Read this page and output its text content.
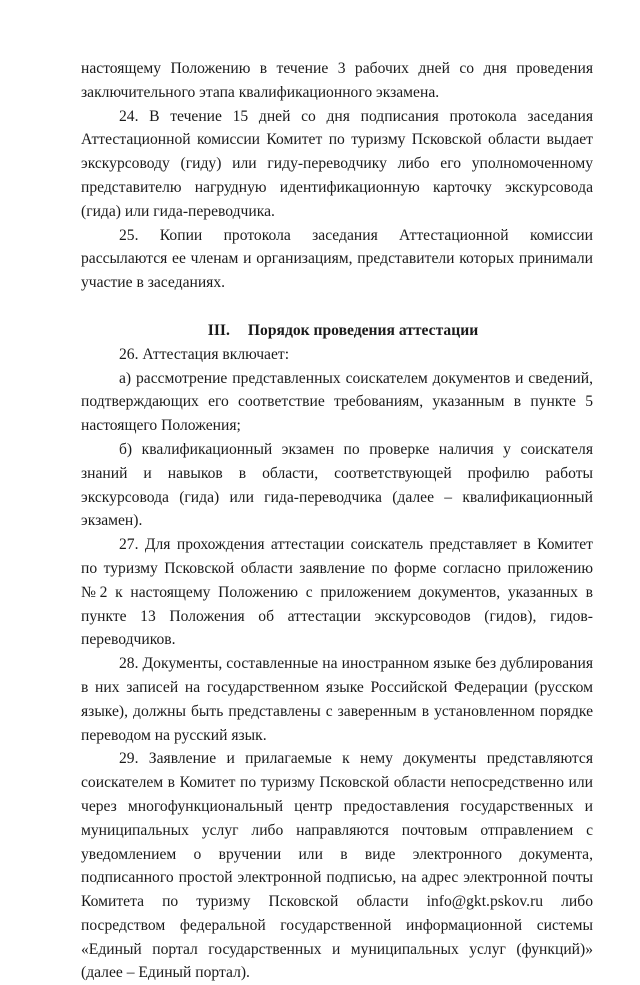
настоящему Положению в течение 3 рабочих дней со дня проведения заключительного этапа квалификационного экзамена.

24. В течение 15 дней со дня подписания протокола заседания Аттестационной комиссии Комитет по туризму Псковской области выдает экскурсоводу (гиду) или гиду-переводчику либо его уполномоченному представителю нагрудную идентификационную карточку экскурсовода (гида) или гида-переводчика.

25. Копии протокола заседания Аттестационной комиссии рассылаются ее членам и организациям, представители которых принимали участие в заседаниях.

III. Порядок проведения аттестации

26. Аттестация включает:

а) рассмотрение представленных соискателем документов и сведений, подтверждающих его соответствие требованиям, указанным в пункте 5 настоящего Положения;

б) квалификационный экзамен по проверке наличия у соискателя знаний и навыков в области, соответствующей профилю работы экскурсовода (гида) или гида-переводчика (далее – квалификационный экзамен).

27. Для прохождения аттестации соискатель представляет в Комитет по туризму Псковской области заявление по форме согласно приложению №2 к настоящему Положению с приложением документов, указанных в пункте 13 Положения об аттестации экскурсоводов (гидов), гидов-переводчиков.

28. Документы, составленные на иностранном языке без дублирования в них записей на государственном языке Российской Федерации (русском языке), должны быть представлены с заверенным в установленном порядке переводом на русский язык.

29. Заявление и прилагаемые к нему документы представляются соискателем в Комитет по туризму Псковской области непосредственно или через многофункциональный центр предоставления государственных и муниципальных услуг либо направляются почтовым отправлением с уведомлением о вручении или в виде электронного документа, подписанного простой электронной подписью, на адрес электронной почты Комитета по туризму Псковской области info@gkt.pskov.ru либо посредством федеральной государственной информационной системы «Единый портал государственных и муниципальных услуг (функций)» (далее – Единый портал).
